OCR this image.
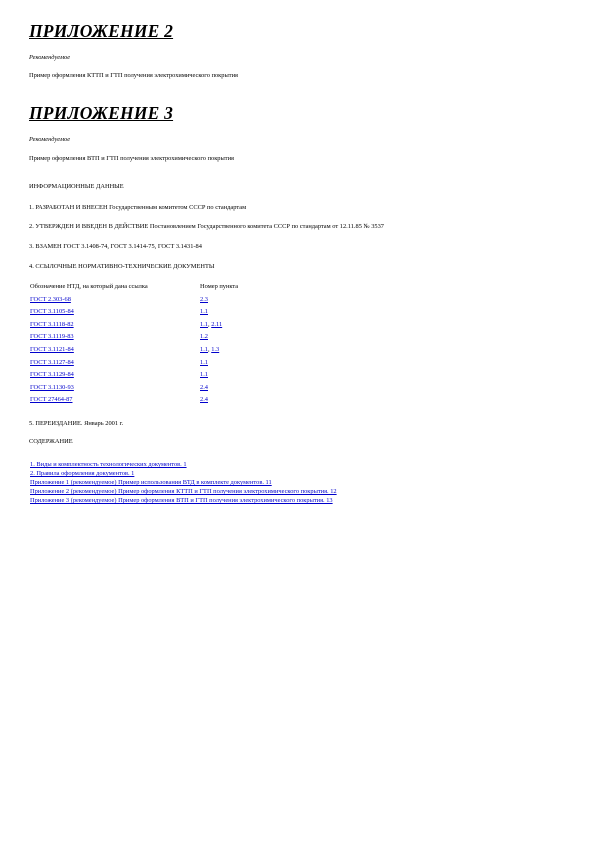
ПРИЛОЖЕНИЕ 2
Рекомендуемое
Пример оформления КТТП и ГТП получения электрохимического покрытия
ПРИЛОЖЕНИЕ 3
Рекомендуемое
Пример оформления ВТП и ГТП получения электрохимического покрытия
ИНФОРМАЦИОННЫЕ ДАННЫЕ
1. РАЗРАБОТАН И ВНЕСЕН Государственным комитетом СССР по стандартам
2. УТВЕРЖДЕН И ВВЕДЕН В ДЕЙСТВИЕ Постановлением Государственного комитета СССР по стандартам от 12.11.85 № 3537
3. ВЗАМЕН ГОСТ 3.1408-74, ГОСТ 3.1414-75, ГОСТ 3.1431-84
4. ССЫЛОЧНЫЕ НОРМАТИВНО-ТЕХНИЧЕСКИЕ ДОКУМЕНТЫ
Обозначение НТД, на который дана ссылка	Номер пункта
ГОСТ 2.303-68	2.3
ГОСТ 3.1105-84	1.1
ГОСТ 3.1118-82	1.1, 2.11
ГОСТ 3.1119-83	1.2
ГОСТ 3.1121-84	1.1, 1.3
ГОСТ 3.1127-84	1.1
ГОСТ 3.1129-84	1.1
ГОСТ 3.1130-93	2.4
ГОСТ 27464-87	2.4
5. ПЕРЕИЗДАНИЕ. Январь 2001 г.
СОДЕРЖАНИЕ
1. Виды и комплектность технологических документов. 1
2. Правила оформления документов. 1
Приложение 1 (рекомендуемое) Пример использования ВТД в комплекте документов. 11
Приложение 2 (рекомендуемое) Пример оформления КТТП и ГТП получения электрохимического покрытия. 12
Приложение 3 (рекомендуемое) Пример оформления ВТП и ГТП получения электрохимического покрытия. 13
